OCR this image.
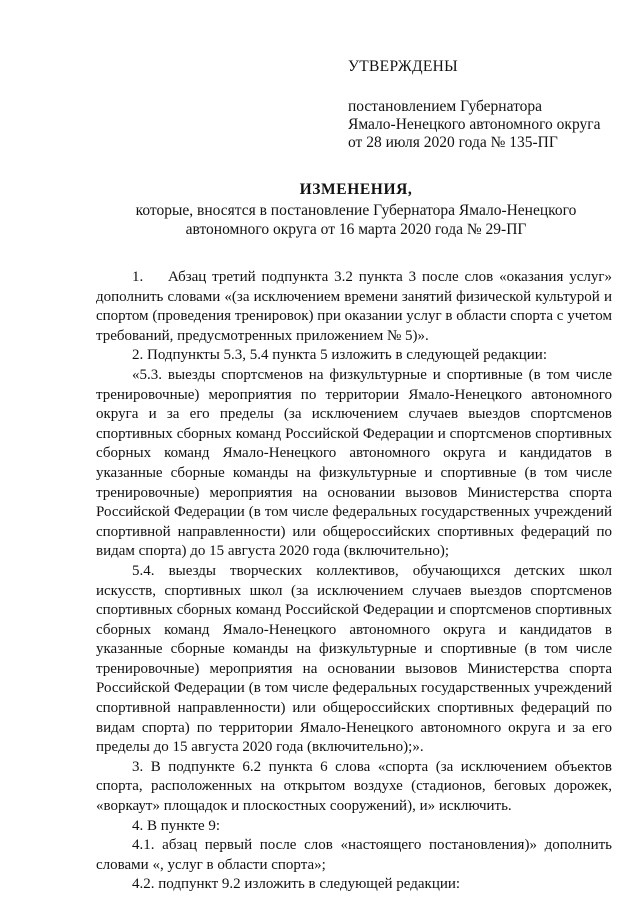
УТВЕРЖДЕНЫ
постановлением Губернатора
Ямало-Ненецкого автономного округа
от 28 июля 2020 года № 135-ПГ
ИЗМЕНЕНИЯ,
которые, вносятся в постановление Губернатора Ямало-Ненецкого
автономного округа от 16 марта 2020 года № 29-ПГ

1. Абзац третий подпункта 3.2 пункта 3 после слов «оказания услуг» дополнить словами «(за исключением времени занятий физической культурой и спортом (проведения тренировок) при оказании услуг в области спорта с учетом требований, предусмотренных приложением № 5)».

2. Подпункты 5.3, 5.4 пункта 5 изложить в следующей редакции:

«5.3. выезды спортсменов на физкультурные и спортивные (в том числе тренировочные) мероприятия по территории Ямало-Ненецкого автономного округа и за его пределы (за исключением случаев выездов спортсменов спортивных сборных команд Российской Федерации и спортсменов спортивных сборных команд Ямало-Ненецкого автономного округа и кандидатов в указанные сборные команды на физкультурные и спортивные (в том числе тренировочные) мероприятия на основании вызовов Министерства спорта Российской Федерации (в том числе федеральных государственных учреждений спортивной направленности) или общероссийских спортивных федераций по видам спорта) до 15 августа 2020 года (включительно);

5.4. выезды творческих коллективов, обучающихся детских школ искусств, спортивных школ (за исключением случаев выездов спортсменов спортивных сборных команд Российской Федерации и спортсменов спортивных сборных команд Ямало-Ненецкого автономного округа и кандидатов в указанные сборные команды на физкультурные и спортивные (в том числе тренировочные) мероприятия на основании вызовов Министерства спорта Российской Федерации (в том числе федеральных государственных учреждений спортивной направленности) или общероссийских спортивных федераций по видам спорта) по территории Ямало-Ненецкого автономного округа и за его пределы до 15 августа 2020 года (включительно);».

3. В подпункте 6.2 пункта 6 слова «спорта (за исключением объектов спорта, расположенных на открытом воздухе (стадионов, беговых дорожек, «воркаут» площадок и плоскостных сооружений), и» исключить.

4. В пункте 9:

4.1. абзац первый после слов «настоящего постановления)» дополнить словами «, услуг в области спорта»;

4.2. подпункт 9.2 изложить в следующей редакции:
